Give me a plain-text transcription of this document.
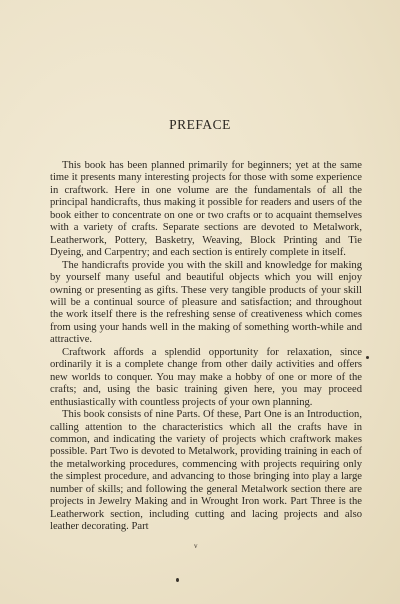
PREFACE

This book has been planned primarily for beginners; yet at the same time it presents many interesting projects for those with some experience in craftwork. Here in one volume are the fundamentals of all the principal handicrafts, thus making it possible for readers and users of the book either to concentrate on one or two crafts or to acquaint themselves with a variety of crafts. Separate sections are devoted to Metalwork, Leatherwork, Pottery, Basketry, Weaving, Block Printing and Tie Dyeing, and Carpentry; and each section is entirely complete in itself.

The handicrafts provide you with the skill and knowledge for making by yourself many useful and beautiful objects which you will enjoy owning or presenting as gifts. These very tangible products of your skill will be a continual source of pleasure and satisfaction; and throughout the work itself there is the refreshing sense of creativeness which comes from using your hands well in the making of something worth-while and attractive.

Craftwork affords a splendid opportunity for relaxation, since ordinarily it is a complete change from other daily activities and offers new worlds to conquer. You may make a hobby of one or more of the crafts; and, using the basic training given here, you may proceed enthusiastically with countless projects of your own planning.

This book consists of nine Parts. Of these, Part One is an Introduction, calling attention to the characteristics which all the crafts have in common, and indicating the variety of projects which craftwork makes possible. Part Two is devoted to Metalwork, providing training in each of the metalworking procedures, commencing with projects requiring only the simplest procedure, and advancing to those bringing into play a large number of skills; and following the general Metalwork section there are projects in Jewelry Making and in Wrought Iron work. Part Three is the Leatherwork section, including cutting and lacing projects and also leather decorating. Part

v
